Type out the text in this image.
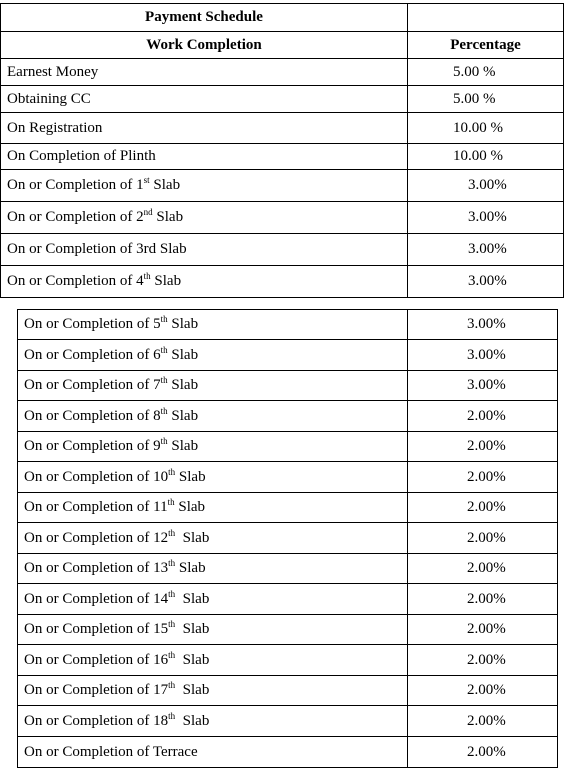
Payment Schedule	
Work Completion	Percentage
Earnest Money	5.00 %
Obtaining CC	5.00 %
On Registration	10.00 %
On Completion of Plinth	10.00 %
On or Completion of 1st Slab	3.00%
On or Completion of 2nd Slab	3.00%
On or Completion of 3rd Slab	3.00%
On or Completion of 4th Slab	3.00%
On or Completion of 5th Slab	3.00%
On or Completion of 6th Slab	3.00%
On or Completion of 7th Slab	3.00%
On or Completion of 8th Slab	2.00%
On or Completion of 9th Slab	2.00%
On or Completion of 10th Slab	2.00%
On or Completion of 11th Slab	2.00%
On or Completion of 12th  Slab	2.00%
On or Completion of 13th Slab	2.00%
On or Completion of 14th  Slab	2.00%
On or Completion of 15th  Slab	2.00%
On or Completion of 16th  Slab	2.00%
On or Completion of 17th  Slab	2.00%
On or Completion of 18th  Slab	2.00%
On or Completion of Terrace	2.00%
